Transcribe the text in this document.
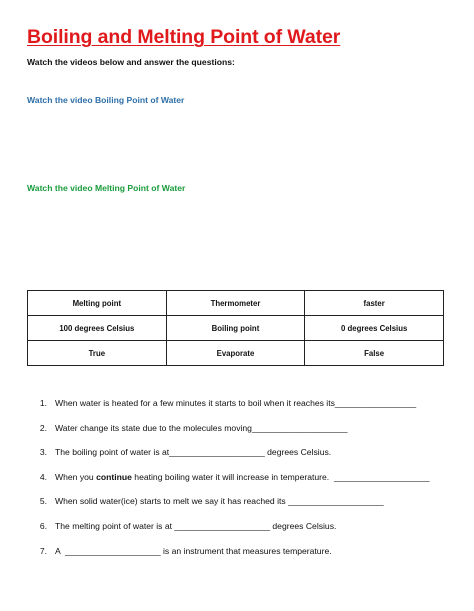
Boiling and Melting Point of Water
Watch the videos below and answer the questions:
Watch the video Boiling Point of Water
Watch the video Melting Point of Water
Melting point	Thermometer	faster
100 degrees Celsius	Boiling point	0 degrees Celsius
True	Evaporate	False
1. When water is heated for a few minutes it starts to boil when it reaches its_________________
2. Water change its state due to the molecules moving____________________
3. The boiling point of water is at____________________ degrees Celsius.
4. When you continue heating boiling water it will increase in temperature.  ____________________
5. When solid water(ice) starts to melt we say it has reached its ____________________
6. The melting point of water is at ____________________ degrees Celsius.
7. A  ____________________ is an instrument that measures temperature.
